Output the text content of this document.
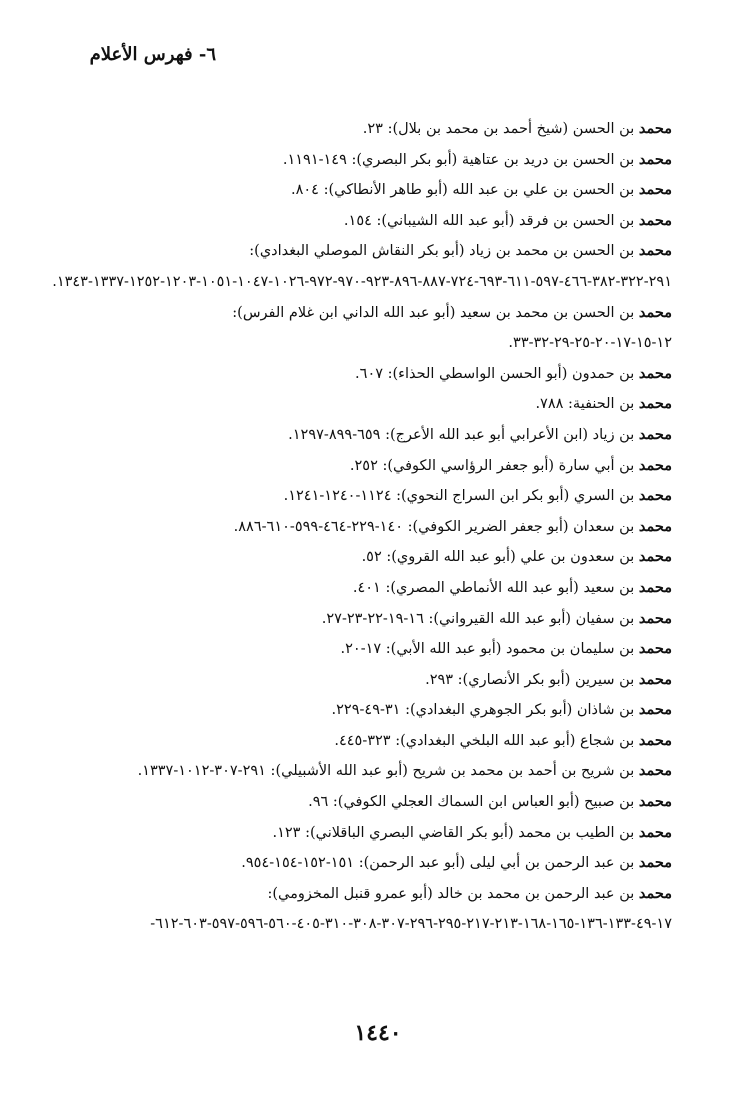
٦- فهرس الأعلام

محمد بن الحسن (شيخ أحمد بن محمد بن بلال): ٢٣.

محمد بن الحسن بن دريد بن عتاهية (أبو بكر البصري): ١٤٩-١١٩١.

محمد بن الحسن بن علي بن عبد الله (أبو طاهر الأنطاكي): ٨٠٤.

محمد بن الحسن بن فرقد (أبو عبد الله الشيباني): ١٥٤.

محمد بن الحسن بن محمد بن زياد (أبو بكر النقاش الموصلي البغدادي): ٢٩١-٣٢٢-٣٨٢-٤٦٦-٥٩٧-٦١١-٦٩٣-٧٢٤-٨٨٧-٨٩٦-٩٢٣-٩٧٠-٩٧٢-١٠٢٦-١٠٤٧-١٠٥١-١٢٠٣-١٢٥٢-١٣٣٧-١٣٤٣.

محمد بن الحسن بن محمد بن سعيد (أبو عبد الله الداني ابن غلام الفرس): ١٢-١٥-١٧-٢٠-٢٥-٢٩-٣٢-٣٣.

محمد بن حمدون (أبو الحسن الواسطي الحذاء): ٦٠٧.

محمد بن الحنفية: ٧٨٨.

محمد بن زياد (ابن الأعرابي أبو عبد الله الأعرج): ٦٥٩-٨٩٩-١٢٩٧.

محمد بن أبي سارة (أبو جعفر الرؤاسي الكوفي): ٢٥٢.

محمد بن السري (أبو بكر ابن السراج النحوي): ١١٢٤-١٢٤٠-١٢٤١.

محمد بن سعدان (أبو جعفر الضرير الكوفي): ١٤٠-٢٢٩-٤٦٤-٥٩٩-٦١٠-٨٨٦.

محمد بن سعدون بن علي (أبو عبد الله القروي): ٥٢.

محمد بن سعيد (أبو عبد الله الأنماطي المصري): ٤٠١.

محمد بن سفيان (أبو عبد الله القيرواني): ١٦-١٩-٢٢-٢٣-٢٧.

محمد بن سليمان بن محمود (أبو عبد الله الأبي): ١٧-٢٠.

محمد بن سيرين (أبو بكر الأنصاري): ٢٩٣.

محمد بن شاذان (أبو بكر الجوهري البغدادي): ٣١-٤٩-٢٢٩.

محمد بن شجاع (أبو عبد الله البلخي البغدادي): ٣٢٣-٤٤٥.

محمد بن شريح بن أحمد بن محمد بن شريح (أبو عبد الله الأشبيلي): ٢٩١-٣٠٧-١٠١٢-١٣٣٧.

محمد بن صبيح (أبو العباس ابن السماك العجلي الكوفي): ٩٦.

محمد بن الطيب بن محمد (أبو بكر القاضي البصري الباقلاني): ١٢٣.

محمد بن عبد الرحمن بن أبي ليلى (أبو عبد الرحمن): ١٥١-١٥٢-١٥٤-٩٥٤.

محمد بن عبد الرحمن بن محمد بن خالد (أبو عمرو قنبل المخزومي): ١٧-٤٩-١٣٣-١٣٦-١٦٥-١٦٨-٢١٣-٢١٧-٢٩٥-٢٩٦-٣٠٧-٣٠٨-٣١٠-٤٠٥-٥٦٠-٥٩٦-٥٩٧-٦٠٣-٦١٢-

١٤٤٠
